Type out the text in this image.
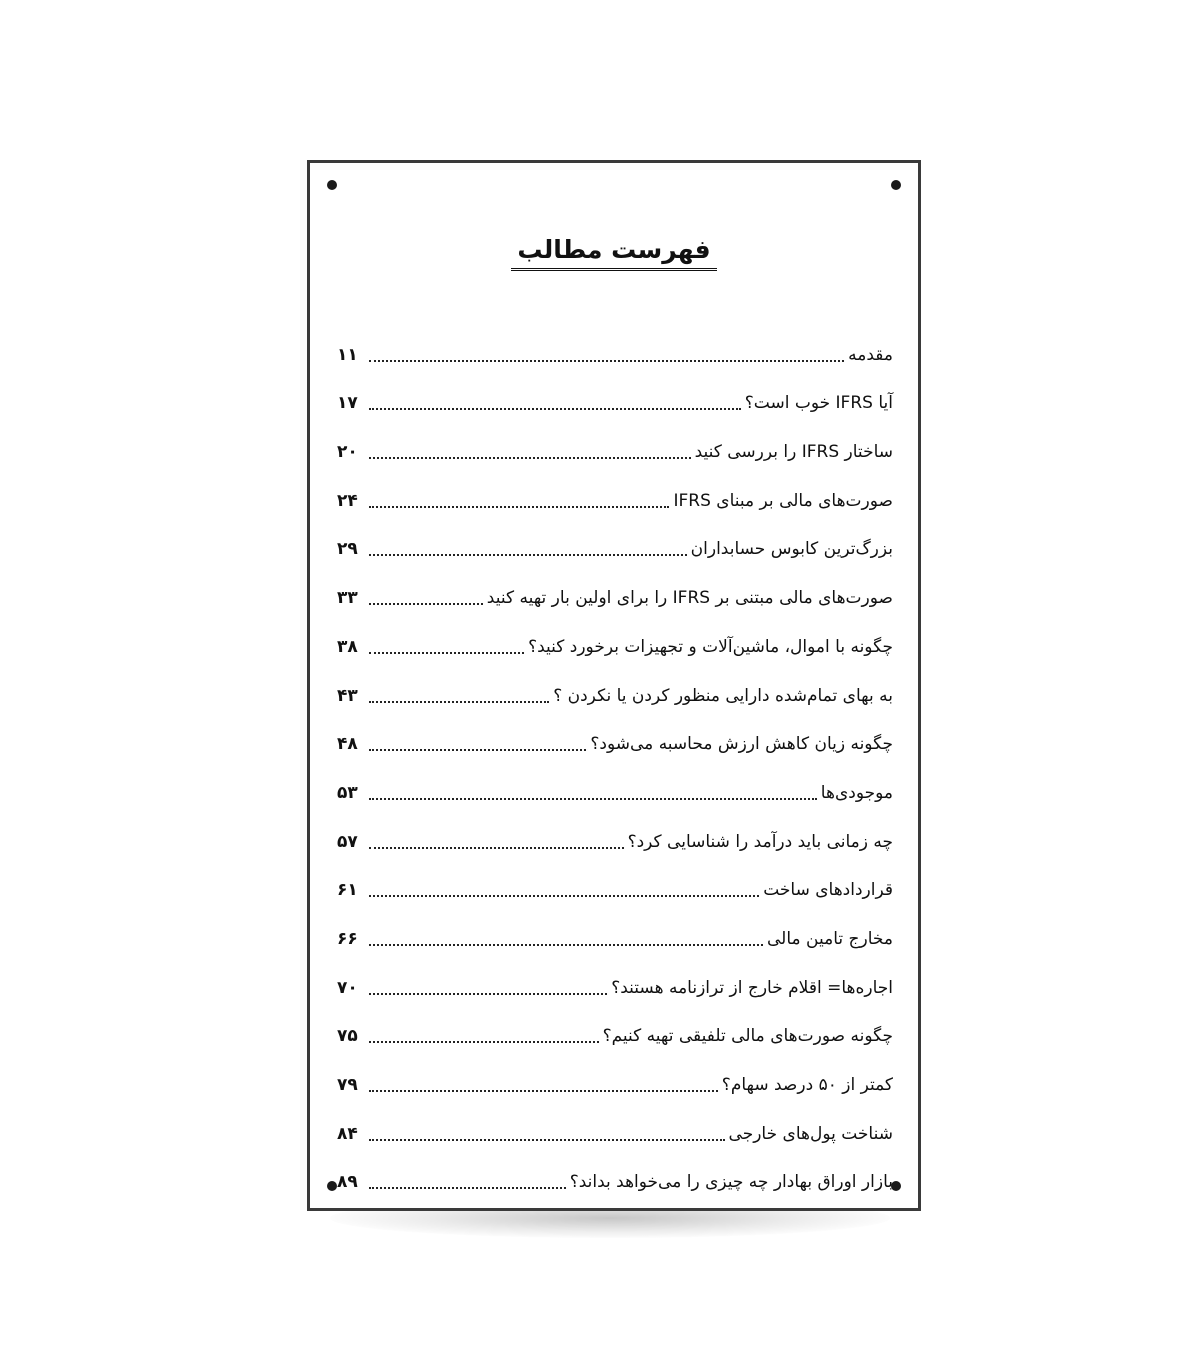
فهرست مطالب
مقدمه
۱۱
آیا IFRS خوب است؟
۱۷
ساختار IFRS را بررسی کنید
۲۰
صورت‌های مالی بر مبنای IFRS
۲۴
بزرگ‌ترین کابوس حسابداران
۲۹
صورت‌های مالی مبتنی بر IFRS را برای اولین بار تهیه کنید
۳۳
چگونه با اموال، ماشین‌آلات و تجهیزات برخورد کنید؟
۳۸
به بهای تمام‌شده دارایی منظور کردن یا نکردن ؟
۴۳
چگونه زیان کاهش ارزش محاسبه می‌شود؟
۴۸
موجودی‌ها
۵۳
چه زمانی باید درآمد را شناسایی کرد؟
۵۷
قراردادهای ساخت
۶۱
مخارج تامین مالی
۶۶
اجاره‌ها= اقلام خارج از ترازنامه هستند؟
۷۰
چگونه صورت‌های مالی تلفیقی تهیه کنیم؟
۷۵
کمتر از ۵۰ درصد سهام؟
۷۹
شناخت پول‌های خارجی
۸۴
بازار اوراق بهادار چه چیزی را می‌خواهد بداند؟
۸۹
